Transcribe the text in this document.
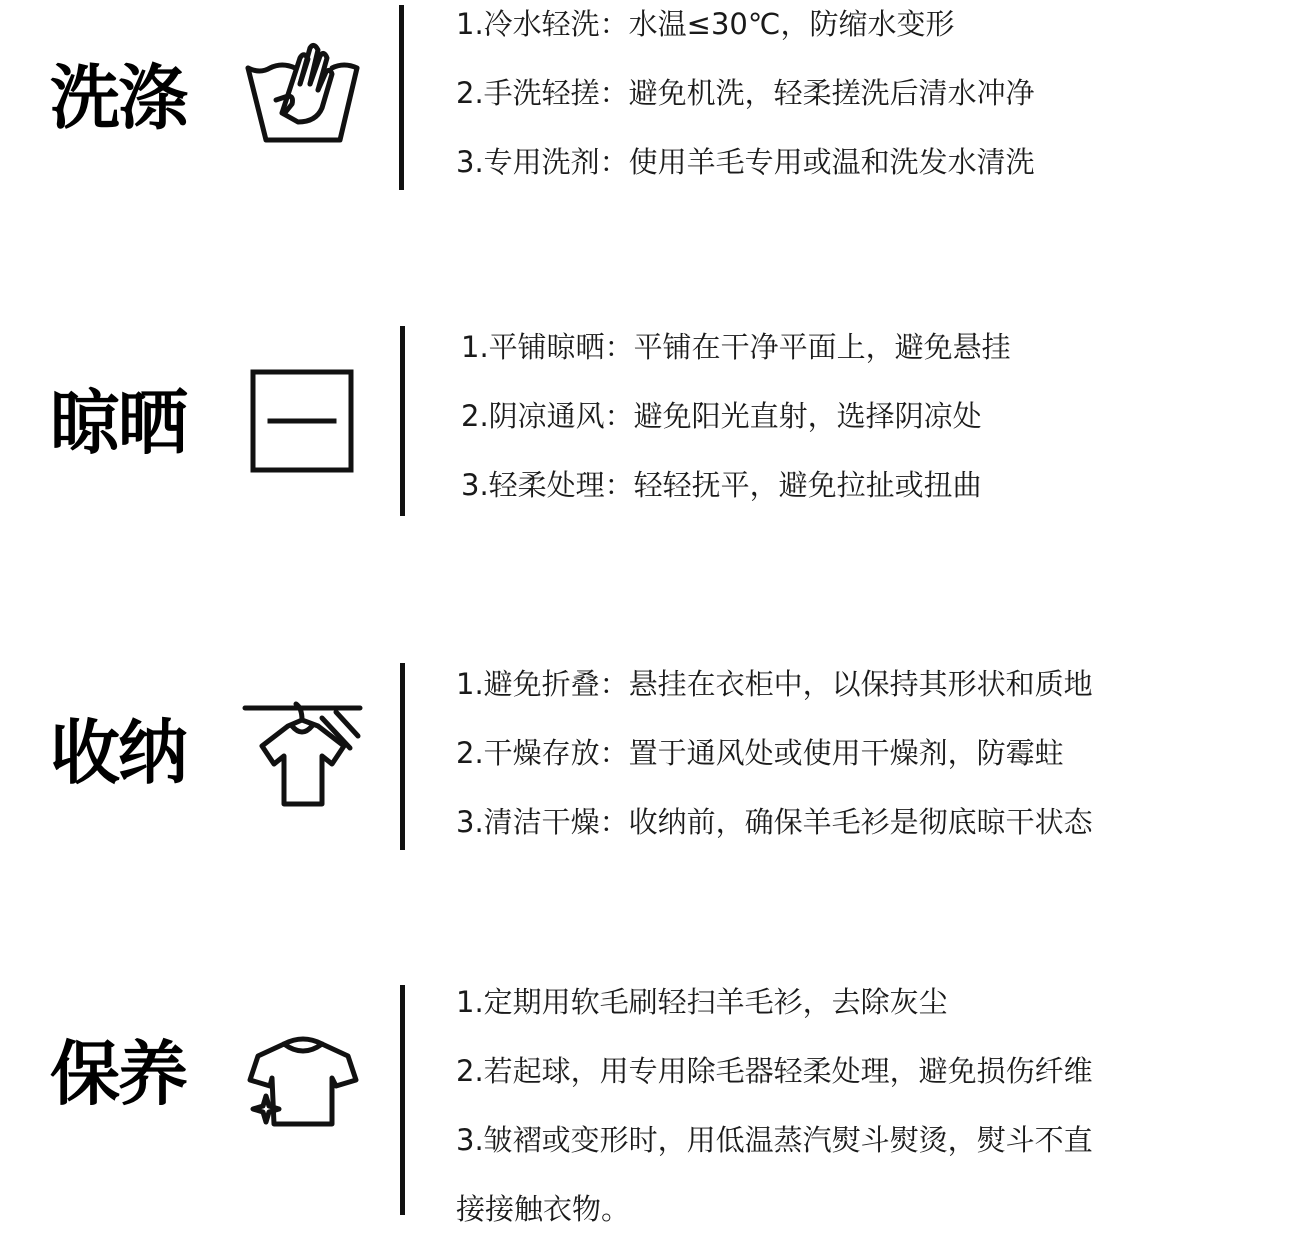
洗涤
1.冷水轻洗：水温≤30℃，防缩水变形
2.手洗轻搓：避免机洗，轻柔搓洗后清水冲净
3.专用洗剂：使用羊毛专用或温和洗发水清洗
晾晒
1.平铺晾晒：平铺在干净平面上，避免悬挂
2.阴凉通风：避免阳光直射，选择阴凉处
3.轻柔处理：轻轻抚平，避免拉扯或扭曲
收纳
1.避免折叠：悬挂在衣柜中，以保持其形状和质地
2.干燥存放：置于通风处或使用干燥剂，防霉蛀
3.清洁干燥：收纳前，确保羊毛衫是彻底晾干状态
保养
1.定期用软毛刷轻扫羊毛衫，去除灰尘
2.若起球，用专用除毛器轻柔处理，避免损伤纤维
3.皱褶或变形时，用低温蒸汽熨斗熨烫，熨斗不直
接接触衣物。
